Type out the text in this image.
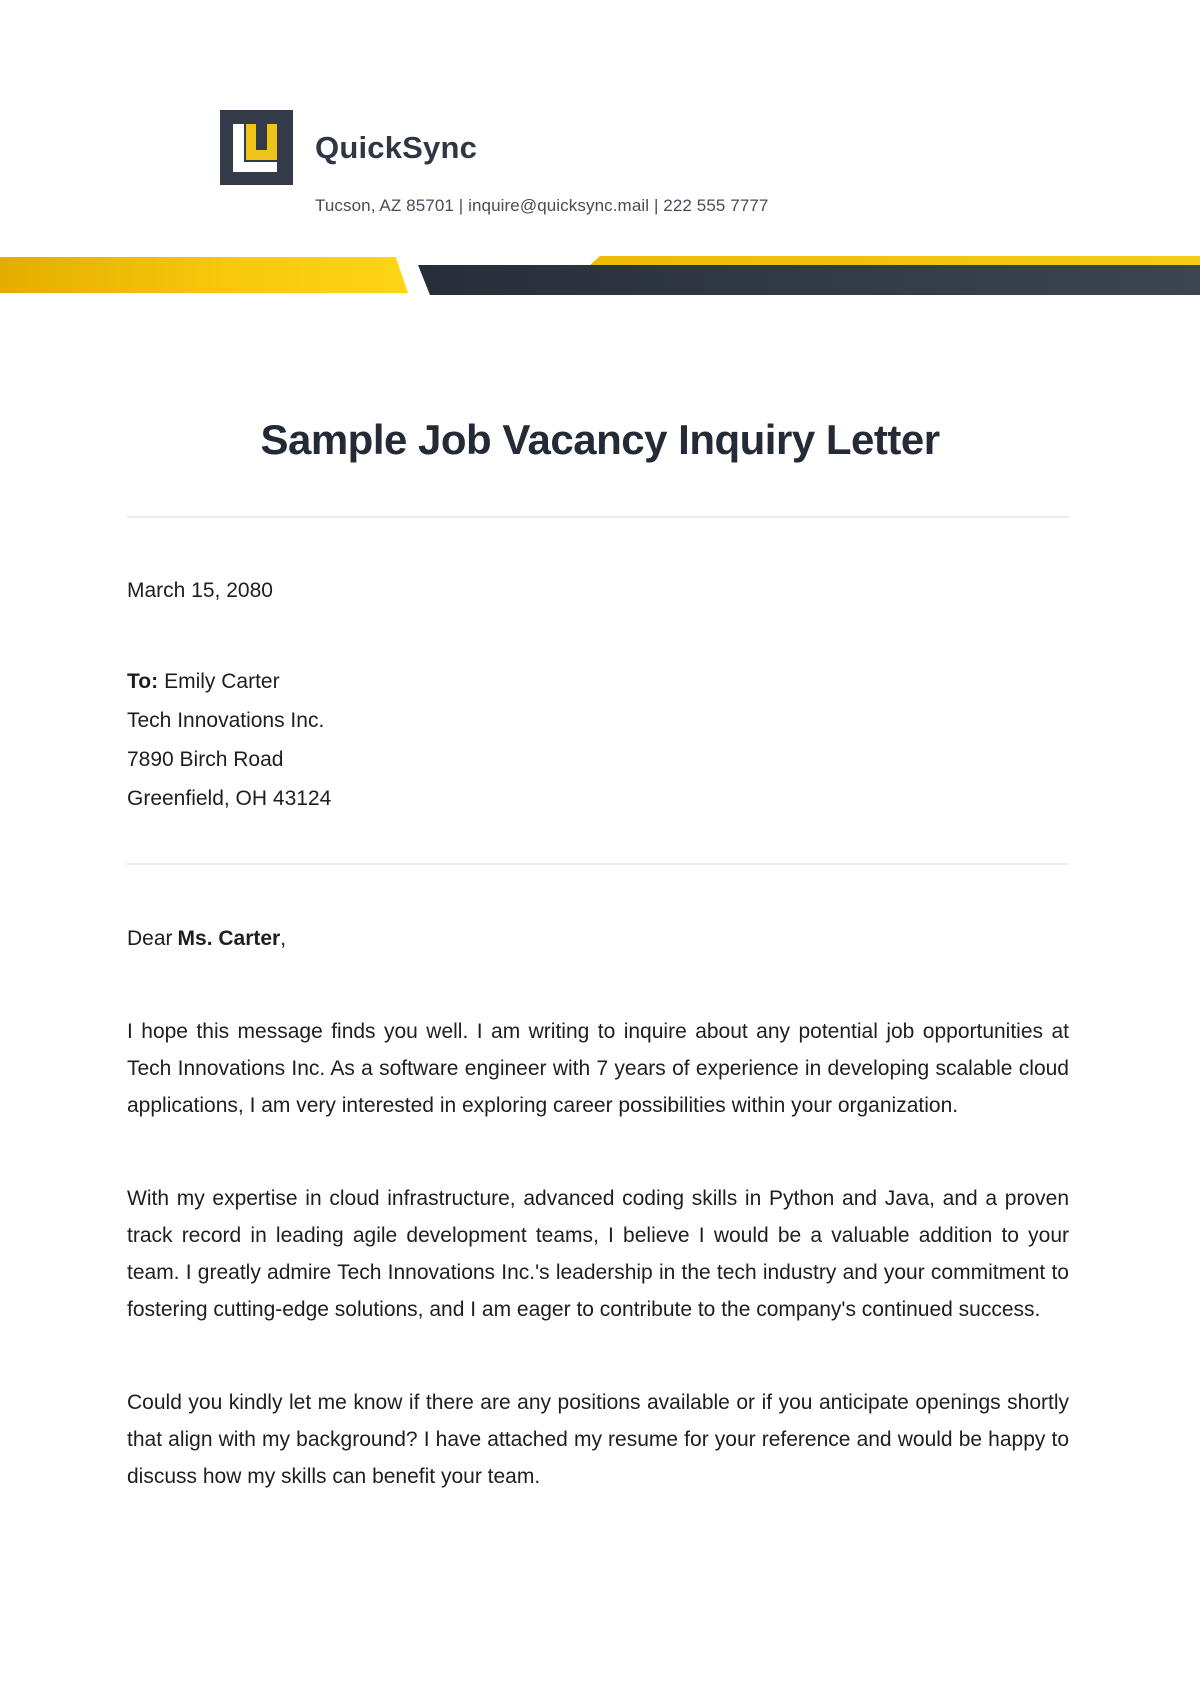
QuickSync
Tucson, AZ 85701 | inquire@quicksync.mail | 222 555 7777
Sample Job Vacancy Inquiry Letter
March 15, 2080
To: Emily Carter
Tech Innovations Inc.
7890 Birch Road
Greenfield, OH 43124
Dear Ms. Carter,

I hope this message finds you well. I am writing to inquire about any potential job opportunities at Tech Innovations Inc. As a software engineer with 7 years of experience in developing scalable cloud applications, I am very interested in exploring career possibilities within your organization.

With my expertise in cloud infrastructure, advanced coding skills in Python and Java, and a proven track record in leading agile development teams, I believe I would be a valuable addition to your team. I greatly admire Tech Innovations Inc.'s leadership in the tech industry and your commitment to fostering cutting-edge solutions, and I am eager to contribute to the company's continued success.

Could you kindly let me know if there are any positions available or if you anticipate openings shortly that align with my background? I have attached my resume for your reference and would be happy to discuss how my skills can benefit your team.
